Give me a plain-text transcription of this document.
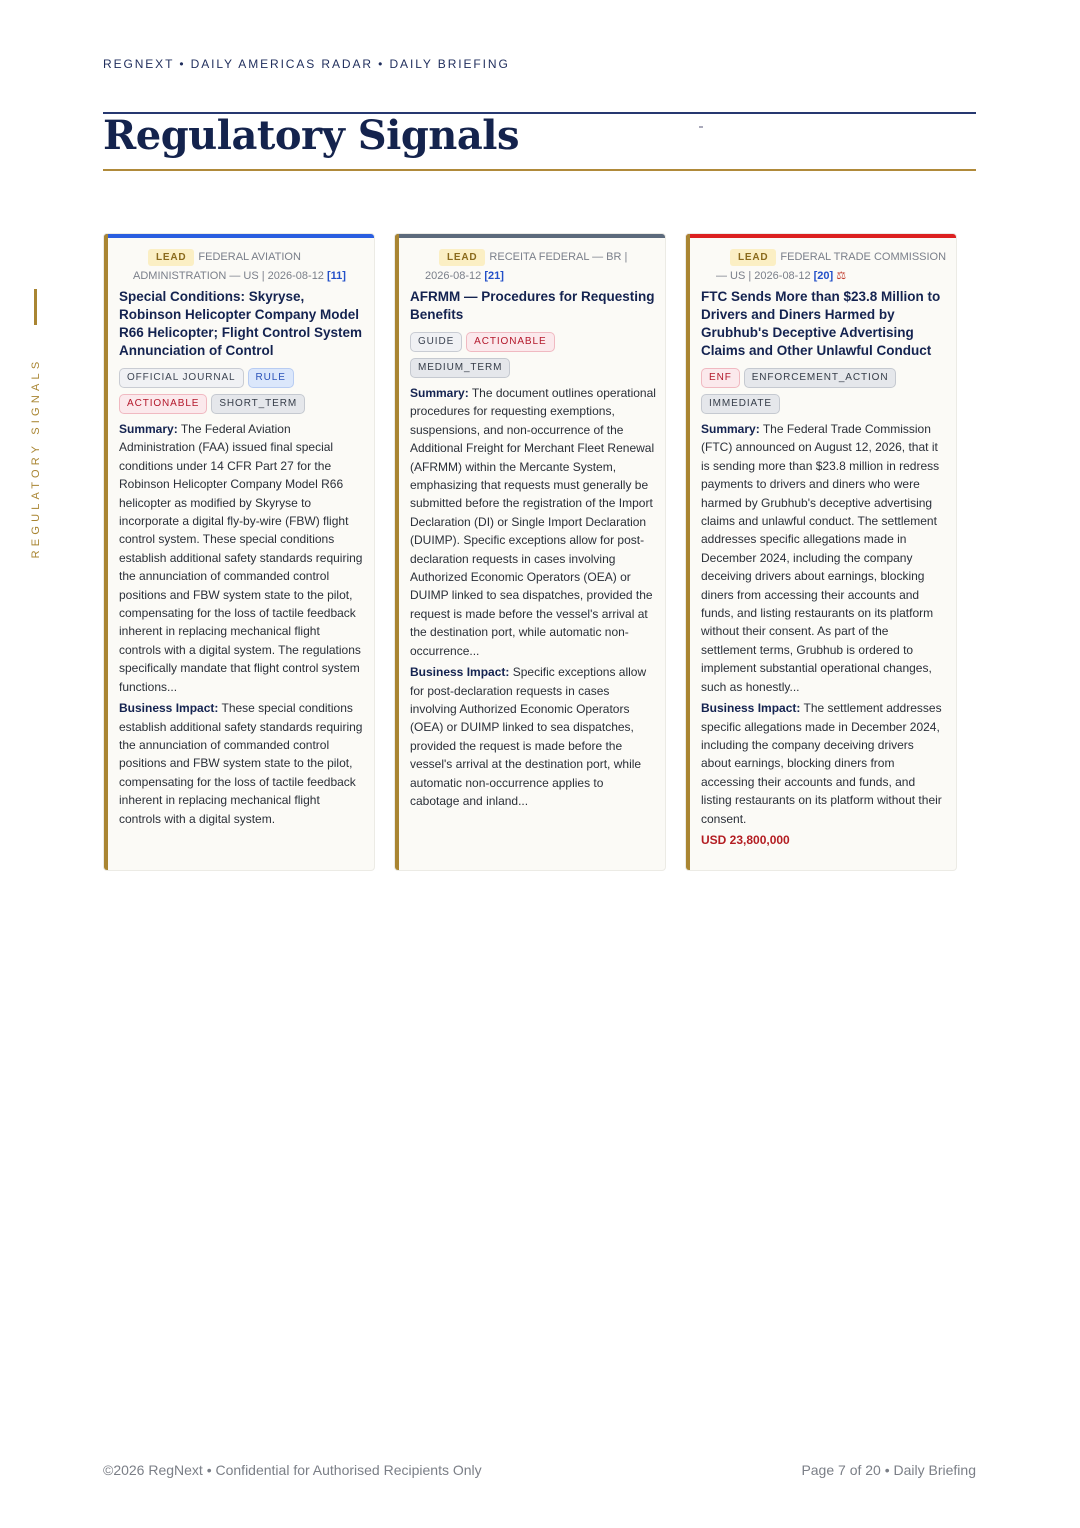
REGNEXT • DAILY AMERICAS RADAR • DAILY BRIEFING
Regulatory Signals
REGULATORY SIGNALS
LEAD FEDERAL AVIATION
ADMINISTRATION — US | 2026-08-12 [11]
Special Conditions: Skyryse, Robinson Helicopter Company Model R66 Helicopter; Flight Control System Annunciation of Control
OFFICIAL JOURNAL RULEACTIONABLE SHORT_TERM
Summary: The Federal Aviation Administration (FAA) issued final special conditions under 14 CFR Part 27 for the Robinson Helicopter Company Model R66 helicopter as modified by Skyryse to incorporate a digital fly-by-wire (FBW) flight control system. These special conditions establish additional safety standards requiring the annunciation of commanded control positions and FBW system state to the pilot, compensating for the loss of tactile feedback inherent in replacing mechanical flight controls with a digital system. The regulations specifically mandate that flight control system functions...
Business Impact: These special conditions establish additional safety standards requiring the annunciation of commanded control positions and FBW system state to the pilot, compensating for the loss of tactile feedback inherent in replacing mechanical flight controls with a digital system.
LEAD RECEITA FEDERAL — BR |
2026-08-12 [21]
AFRMM — Procedures for Requesting Benefits
GUIDE ACTIONABLEMEDIUM_TERM
Summary: The document outlines operational procedures for requesting exemptions, suspensions, and non-occurrence of the Additional Freight for Merchant Fleet Renewal (AFRMM) within the Mercante System, emphasizing that requests must generally be submitted before the registration of the Import Declaration (DI) or Single Import Declaration (DUIMP). Specific exceptions allow for post-declaration requests in cases involving Authorized Economic Operators (OEA) or DUIMP linked to sea dispatches, provided the request is made before the vessel's arrival at the destination port, while automatic non-occurrence...
Business Impact: Specific exceptions allow for post-declaration requests in cases involving Authorized Economic Operators (OEA) or DUIMP linked to sea dispatches, provided the request is made before the vessel's arrival at the destination port, while automatic non-occurrence applies to cabotage and inland...
LEAD FEDERAL TRADE COMMISSION
— US | 2026-08-12 [20] ⚖
FTC Sends More than $23.8 Million to Drivers and Diners Harmed by Grubhub's Deceptive Advertising Claims and Other Unlawful Conduct
ENF ENFORCEMENT_ACTIONIMMEDIATE
Summary: The Federal Trade Commission (FTC) announced on August 12, 2026, that it is sending more than $23.8 million in redress payments to drivers and diners who were harmed by Grubhub's deceptive advertising claims and unlawful conduct. The settlement addresses specific allegations made in December 2024, including the company deceiving drivers about earnings, blocking diners from accessing their accounts and funds, and listing restaurants on its platform without their consent. As part of the settlement terms, Grubhub is ordered to implement substantial operational changes, such as honestly...
Business Impact: The settlement addresses specific allegations made in December 2024, including the company deceiving drivers about earnings, blocking diners from accessing their accounts and funds, and listing restaurants on its platform without their consent.
USD 23,800,000
©2026 RegNext • Confidential for Authorised Recipients Only	Page 7 of 20 • Daily Briefing
